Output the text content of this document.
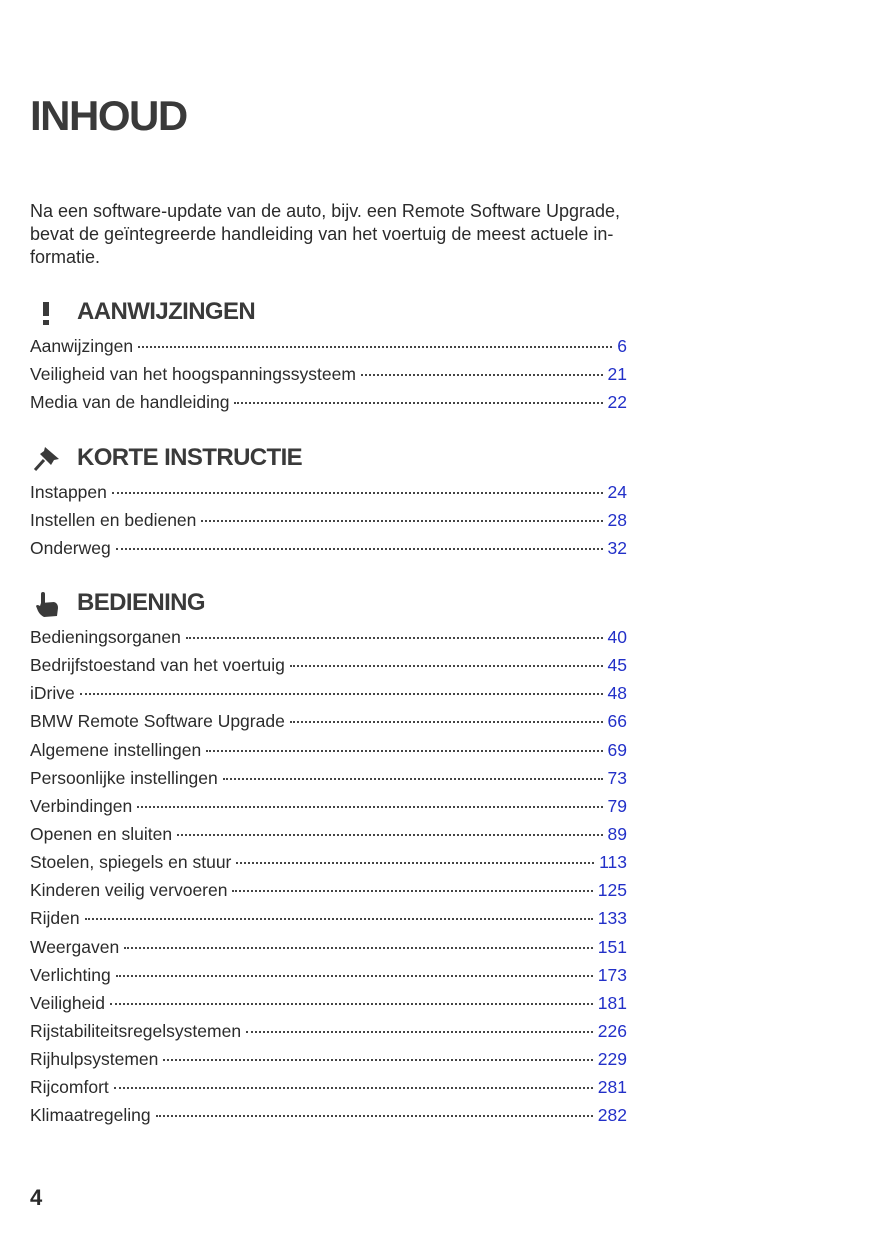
INHOUD

Na een software-update van de auto, bijv. een Remote Software Upgrade,
bevat de geïntegreerde handleiding van het voertuig de meest actuele in-
formatie.

AANWIJZINGEN
Aanwijzingen	6
Veiligheid van het hoogspanningssysteem	21
Media van de handleiding	22
KORTE INSTRUCTIE
Instappen	24
Instellen en bedienen	28
Onderweg	32
BEDIENING
Bedieningsorganen	40
Bedrijfstoestand van het voertuig	45
iDrive	48
BMW Remote Software Upgrade	66
Algemene instellingen	69
Persoonlijke instellingen	73
Verbindingen	79
Openen en sluiten	89
Stoelen, spiegels en stuur	113
Kinderen veilig vervoeren	125
Rijden	133
Weergaven	151
Verlichting	173
Veiligheid	181
Rijstabiliteitsregelsystemen	226
Rijhulpsystemen	229
Rijcomfort	281
Klimaatregeling	282
4
